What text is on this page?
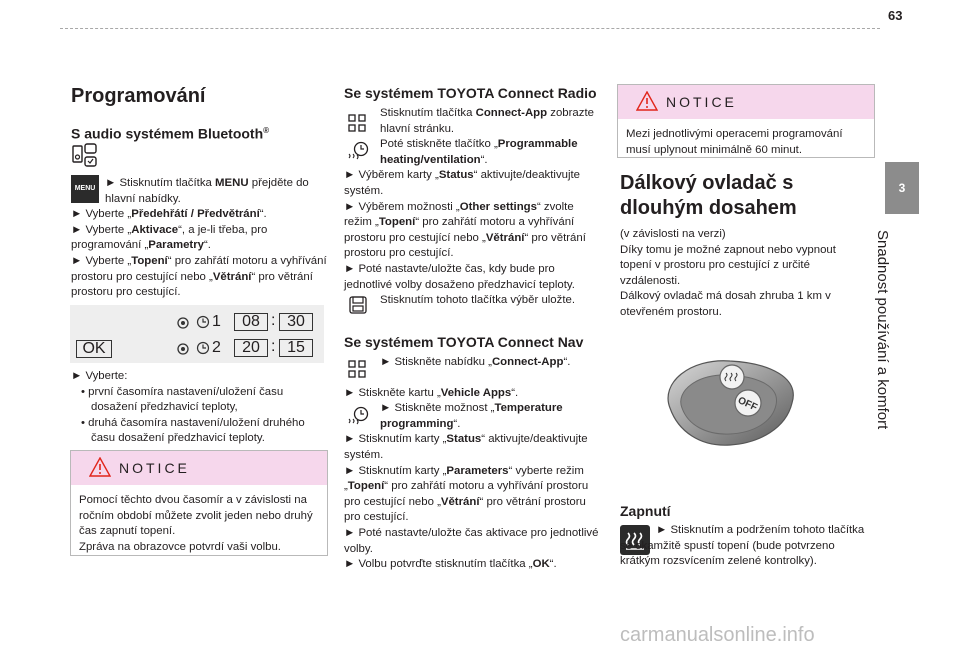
63
3
Snadnost používání a komfort

Programování

S audio systémem Bluetooth®

MENU ► Stisknutím tlačítka MENU přejděte do hlavní nabídky.

► Vyberte „Předehřátí / Předvětrání“.

► Vyberte „Aktivace“, a je-li třeba, pro programování „Parametry“.

► Vyberte „Topení“ pro zahřátí motoru a vyhřívání prostoru pro cestující nebo „Větrání“ pro větrání prostoru pro cestující.

OK
1	08 : 30
2	20 : 15

► Vyberte:

• první časomíra nastavení/uložení času dosažení předzhavicí teploty,

• druhá časomíra nastavení/uložení druhého času dosažení předzhavicí teploty.

NOTICE

Pomocí těchto dvou časomír a v závislosti na ročním období můžete zvolit jeden nebo druhý čas zapnutí topení.

Zpráva na obrazovce potvrdí vaši volbu.

Se systémem TOYOTA Connect Radio

Stisknutím tlačítka Connect-App zobrazte hlavní stránku.

Poté stiskněte tlačítko „Programmable heating/ventilation“.

► Výběrem karty „Status“ aktivujte/deaktivujte systém.

► Výběrem možnosti „Other settings“ zvolte režim „Topení“ pro zahřátí motoru a vyhřívání prostoru pro cestující nebo „Větrání“ pro větrání prostoru pro cestující.

► Poté nastavte/uložte čas, kdy bude pro jednotlivé volby dosaženo předzhavicí teploty.

Stisknutím tohoto tlačítka výběr uložte.

Se systémem TOYOTA Connect Nav

► Stiskněte nabídku „Connect-App“.

► Stiskněte kartu „Vehicle Apps“.

► Stiskněte možnost „Temperature programming“.

► Stisknutím karty „Status“ aktivujte/deaktivujte systém.

► Stisknutím karty „Parameters“ vyberte režim „Topení“ pro zahřátí motoru a vyhřívání prostoru pro cestující nebo „Větrání“ pro větrání prostoru pro cestující.

► Poté nastavte/uložte čas aktivace pro jednotlivé volby.

► Volbu potvrďte stisknutím tlačítka „OK“.

NOTICE

Mezi jednotlivými operacemi programování musí uplynout minimálně 60 minut.

Dálkový ovladač s dlouhým dosahem

(v závislosti na verzi)

Díky tomu je možné zapnout nebo vypnout topení v prostoru pro cestující z určité vzdálenosti.

Dálkový ovladač má dosah zhruba 1 km v otevřeném prostoru.

OFF

Zapnutí

► Stisknutím a podržením tohoto tlačítka se okamžitě spustí topení (bude potvrzeno krátkým rozsvícením zelené kontrolky).

carmanualsonline.info
